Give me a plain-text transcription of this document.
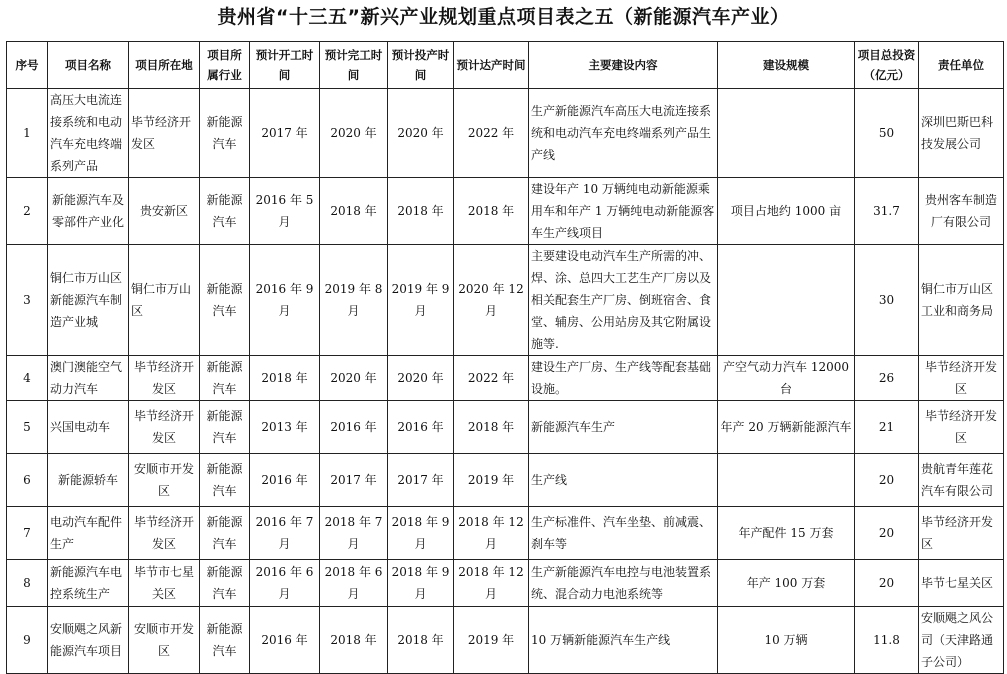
贵州省“十三五”新兴产业规划重点项目表之五（新能源汽车产业）
序号	项目名称	项目所在地	项目所属行业	预计开工时间	预计完工时间	预计投产时间	预计达产时间	主要建设内容	建设规模	项目总投资（亿元）	责任单位
1	高压大电流连接系统和电动汽车充电终端系列产品	毕节经济开发区	新能源汽车	2017 年	2020 年	2020 年	2022 年	生产新能源汽车高压大电流连接系统和电动汽车充电终端系列产品生产线		50	深圳巴斯巴科技发展公司
2	新能源汽车及零部件产业化	贵安新区	新能源汽车	2016 年 5 月	2018 年	2018 年	2018 年	建设年产 10 万辆纯电动新能源乘用车和年产 1 万辆纯电动新能源客车生产线项目	项目占地约 1000 亩	31.7	贵州客车制造厂有限公司
3	铜仁市万山区新能源汽车制造产业城	铜仁市万山区	新能源汽车	2016 年 9 月	2019 年 8 月	2019 年 9 月	2020 年 12 月	主要建设电动汽车生产所需的冲、焊、涂、总四大工艺生产厂房以及相关配套生产厂房、倒班宿舍、食堂、辅房、公用站房及其它附属设施等.		30	铜仁市万山区工业和商务局
4	澳门澳能空气动力汽车	毕节经济开发区	新能源汽车	2018 年	2020 年	2020 年	2022 年	建设生产厂房、生产线等配套基础设施。	产空气动力汽车 12000 台	26	毕节经济开发区
5	兴国电动车	毕节经济开发区	新能源汽车	2013 年	2016 年	2016 年	2018 年	新能源汽车生产	年产 20 万辆新能源汽车	21	毕节经济开发区
6	新能源轿车	安顺市开发区	新能源汽车	2016 年	2017 年	2017 年	2019 年	生产线		20	贵航青年莲花汽车有限公司
7	电动汽车配件生产	毕节经济开发区	新能源汽车	2016 年 7 月	2018 年 7 月	2018 年 9 月	2018 年 12 月	生产标准件、汽车坐垫、前减震、刹车等	年产配件 15 万套	20	毕节经济开发区
8	新能源汽车电控系统生产	毕节市七星关区	新能源汽车	2016 年 6 月	2018 年 6 月	2018 年 9 月	2018 年 12 月	生产新能源汽车电控与电池装置系统、混合动力电池系统等	年产 100 万套	20	毕节七星关区
9	安顺飓之风新能源汽车项目	安顺市开发区	新能源汽车	2016 年	2018 年	2018 年	2019 年	10 万辆新能源汽车生产线	10 万辆	11.8	安顺飓之风公司（天津路通子公司）
